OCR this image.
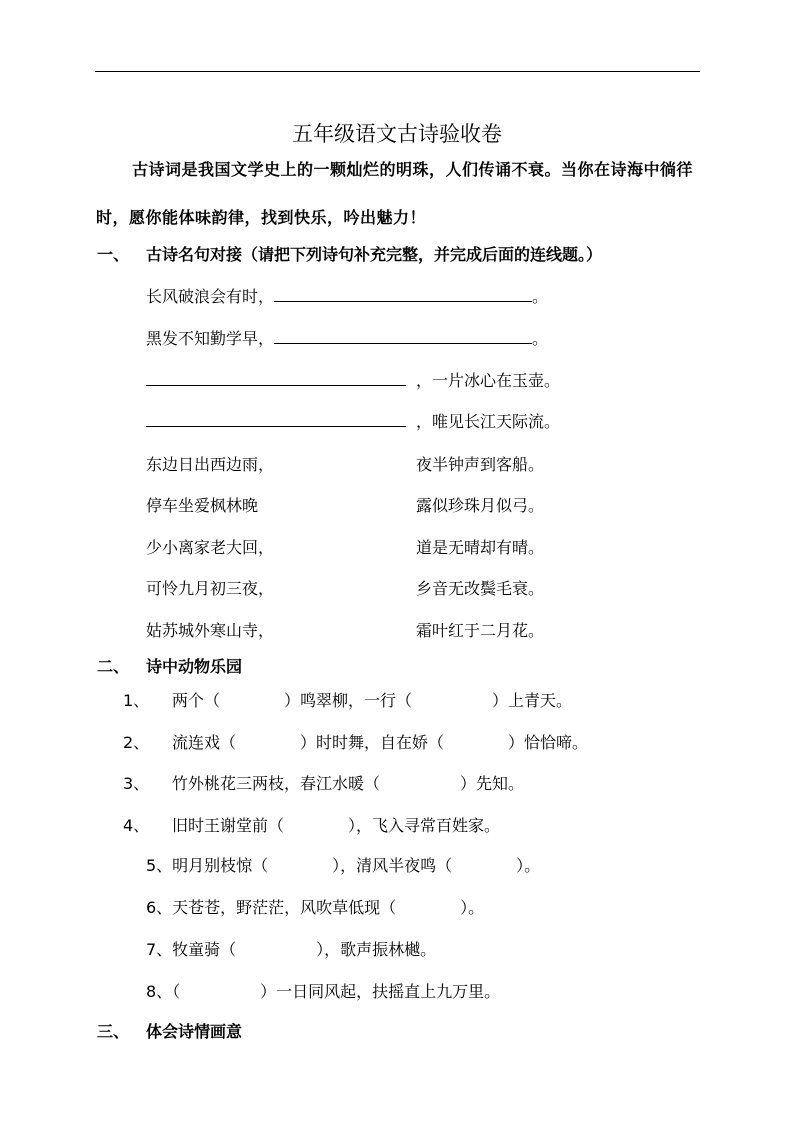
五年级语文古诗验收卷
古诗词是我国文学史上的一颗灿烂的明珠，人们传诵不衰。当你在诗海中徜徉时，愿你能体味韵律，找到快乐，吟出魅力！
一、 古诗名句对接（请把下列诗句补充完整，并完成后面的连线题。）
长风破浪会有时，	。
黑发不知勤学早，	。
，一片冰心在玉壶。
，唯见长江天际流。
东边日出西边雨，
停车坐爱枫林晚
少小离家老大回，
可怜九月初三夜，
姑苏城外寒山寺，
夜半钟声到客船。
露似珍珠月似弓。
道是无晴却有晴。
乡音无改鬓毛衰。
霜叶红于二月花。
二、 诗中动物乐园
1、 两个（　　　　）鸣翠柳，一行（　　　　　）上青天。
2、 流连戏（　　　　）时时舞，自在娇（　　　　）恰恰啼。
3、 竹外桃花三两枝，春江水暖（　　　　　）先知。
4、 旧时王谢堂前（　　　　），飞入寻常百姓家。
5、明月别枝惊（　　　　），清风半夜鸣（　　　　）。
6、天苍苍，野茫茫，风吹草低现（　　　　）。
7、牧童骑（　　　　　），歌声振林樾。
8、（　　　　　）一日同风起，扶摇直上九万里。
三、 体会诗情画意
